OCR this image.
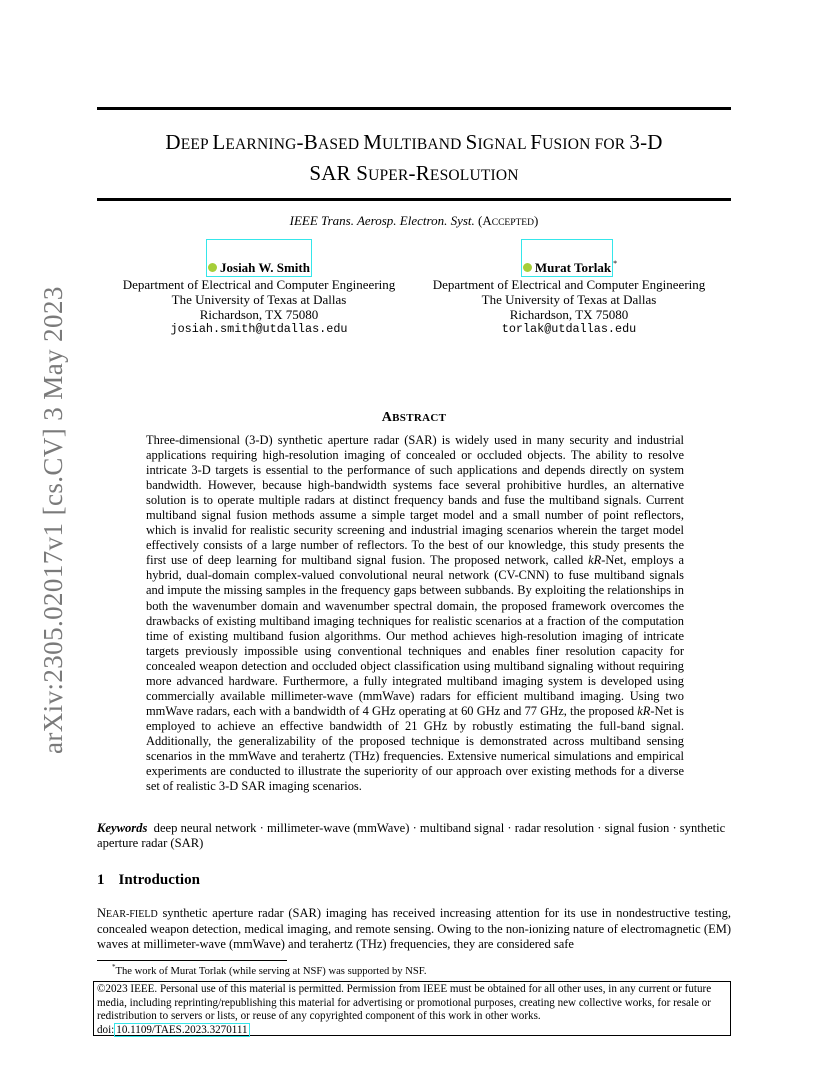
arXiv:2305.02017v1 [cs.CV] 3 May 2023
DEEP LEARNING-BASED MULTIBAND SIGNAL FUSION FOR 3-D
SAR SUPER-RESOLUTION
IEEE Trans. Aerosp. Electron. Syst. (ACCEPTED)
Josiah W. Smith
Department of Electrical and Computer Engineering
The University of Texas at Dallas
Richardson, TX 75080
josiah.smith@utdallas.edu
Murat Torlak *
Department of Electrical and Computer Engineering
The University of Texas at Dallas
Richardson, TX 75080
torlak@utdallas.edu
ABSTRACT

Three-dimensional (3-D) synthetic aperture radar (SAR) is widely used in many security and industrial applications requiring high-resolution imaging of concealed or occluded objects. The ability to resolve intricate 3-D targets is essential to the performance of such applications and depends directly on system bandwidth. However, because high-bandwidth systems face several prohibitive hurdles, an alternative solution is to operate multiple radars at distinct frequency bands and fuse the multiband signals. Current multiband signal fusion methods assume a simple target model and a small number of point reflectors, which is invalid for realistic security screening and industrial imaging scenarios wherein the target model effectively consists of a large number of reflectors. To the best of our knowledge, this study presents the first use of deep learning for multiband signal fusion. The proposed network, called kR-Net, employs a hybrid, dual-domain complex-valued convolutional neural network (CV-CNN) to fuse multiband signals and impute the missing samples in the frequency gaps between subbands. By exploiting the relationships in both the wavenumber domain and wavenumber spectral domain, the proposed framework overcomes the drawbacks of existing multiband imaging techniques for realistic scenarios at a fraction of the computation time of existing multiband fusion algorithms. Our method achieves high-resolution imaging of intricate targets previously impossible using conventional techniques and enables finer resolution capacity for concealed weapon detection and occluded object classification using multiband signaling without requiring more advanced hardware. Furthermore, a fully integrated multiband imaging system is developed using commercially available millimeter-wave (mmWave) radars for efficient multiband imaging. Using two mmWave radars, each with a bandwidth of 4 GHz operating at 60 GHz and 77 GHz, the proposed kR-Net is employed to achieve an effective bandwidth of 21 GHz by robustly estimating the full-band signal. Additionally, the generalizability of the proposed technique is demonstrated across multiband sensing scenarios in the mmWave and terahertz (THz) frequencies. Extensive numerical simulations and empirical experiments are conducted to illustrate the superiority of our approach over existing methods for a diverse set of realistic 3-D SAR imaging scenarios.

Keywords deep neural network · millimeter-wave (mmWave) · multiband signal · radar resolution · signal fusion · synthetic aperture radar (SAR)
1 Introduction
NEAR-FIELD synthetic aperture radar (SAR) imaging has received increasing attention for its use in nondestructive testing, concealed weapon detection, medical imaging, and remote sensing. Owing to the non-ionizing nature of electromagnetic (EM) waves at millimeter-wave (mmWave) and terahertz (THz) frequencies, they are considered safe
*The work of Murat Torlak (while serving at NSF) was supported by NSF.
©2023 IEEE. Personal use of this material is permitted. Permission from IEEE must be obtained for all other uses, in any current or future media, including reprinting/republishing this material for advertising or promotional purposes, creating new collective works, for resale or redistribution to servers or lists, or reuse of any copyrighted component of this work in other works.
doi: 10.1109/TAES.2023.3270111
